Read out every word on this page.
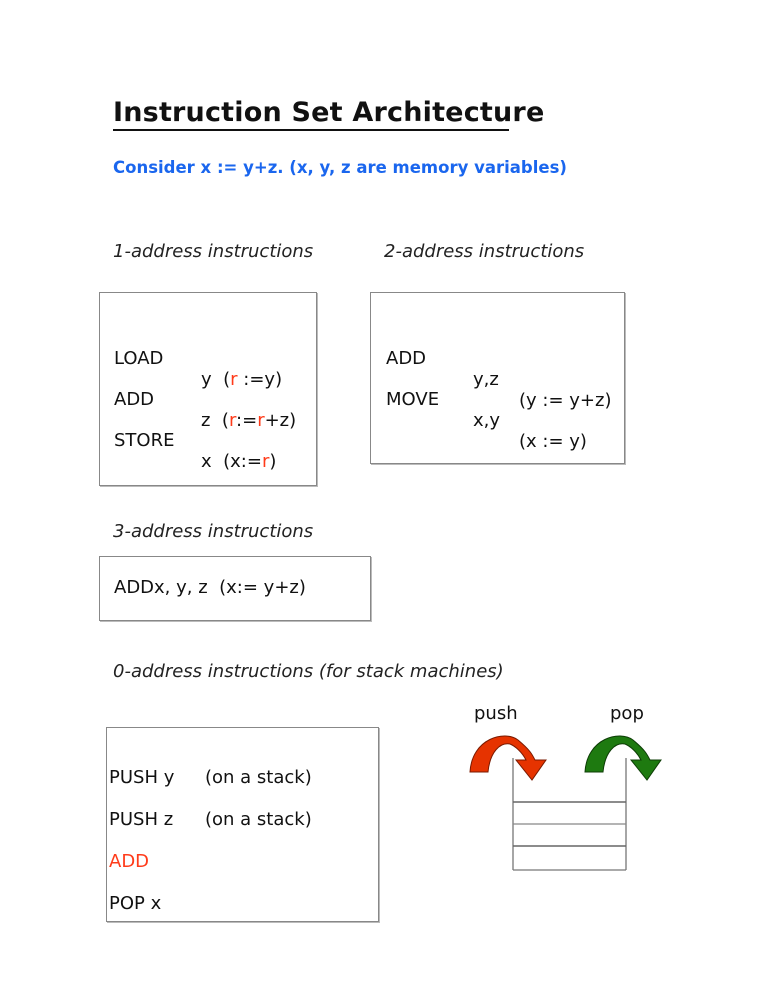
Instruction Set Architecture
Consider x := y+z. (x, y, z are memory variables)
1-address instructions

LOAD

y (r :=y)

ADD

z (r:=r+z)

STORE

x (x:=r)

2-address instructions

ADD

y,z

(y := y+z)

MOVE

x,y

(x := y)

3-address instructions
ADDx, y, z  (x:= y+z)
0-address instructions (for stack machines)

PUSH y (on a stack)

PUSH z (on a stack)

ADD

POP x

push	pop
